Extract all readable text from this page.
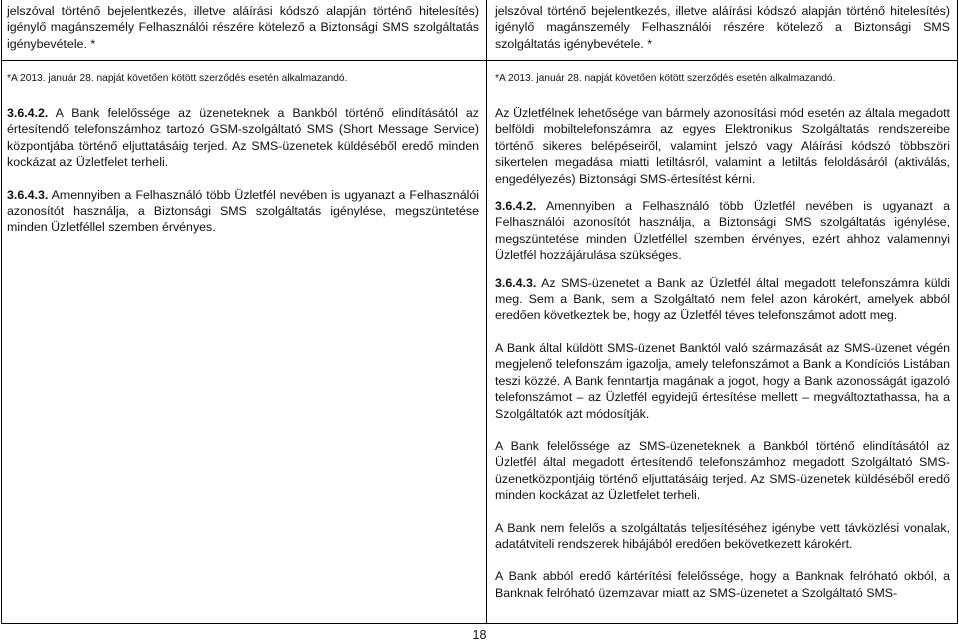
jelszóval történő bejelentkezés, illetve aláírási kódszó alapján történő hitelesítés) igénylő magánszemély Felhasználói részére kötelező a Biztonsági SMS szolgáltatás igénybevétele. *
*A 2013. január 28. napját követően kötött szerződés esetén alkalmazandó.

3.6.4.2. A Bank felelőssége az üzeneteknek a Bankból történő elindításától az értesítendő telefonszámhoz tartozó GSM-szolgáltató SMS (Short Message Service) központjába történő eljuttatásáig terjed. Az SMS-üzenetek küldéséből eredő minden kockázat az Üzletfelet terheli.

3.6.4.3. Amennyiben a Felhasználó több Üzletfél nevében is ugyanazt a Felhasználói azonosítót használja, a Biztonsági SMS szolgáltatás igénylése, megszüntetése minden Üzletféllel szemben érvényes.

jelszóval történő bejelentkezés, illetve aláírási kódszó alapján történő hitelesítés) igénylő magánszemély Felhasználói részére kötelező a Biztonsági SMS szolgáltatás igénybevétele. *
*A 2013. január 28. napját követően kötött szerződés esetén alkalmazandó.

Az Üzletfélnek lehetősége van bármely azonosítási mód esetén az általa megadott belföldi mobiltelefonszámra az egyes Elektronikus Szolgáltatás rendszereibe történő sikeres belépéseiről, valamint jelszó vagy Aláírási kódszó többszöri sikertelen megadása miatti letiltásról, valamint a letiltás feloldásáról (aktiválás, engedélyezés) Biztonsági SMS-értesítést kérni.

3.6.4.2. Amennyiben a Felhasználó több Üzletfél nevében is ugyanazt a Felhasználói azonosítót használja, a Biztonsági SMS szolgáltatás igénylése, megszüntetése minden Üzletféllel szemben érvényes, ezért ahhoz valamennyi Üzletfél hozzájárulása szükséges.

3.6.4.3. Az SMS-üzenetet a Bank az Üzletfél által megadott telefonszámra küldi meg. Sem a Bank, sem a Szolgáltató nem felel azon károkért, amelyek abból eredően következtek be, hogy az Üzletfél téves telefonszámot adott meg.

A Bank által küldött SMS-üzenet Banktól való származását az SMS-üzenet végén megjelenő telefonszám igazolja, amely telefonszámot a Bank a Kondíciós Listában teszi közzé. A Bank fenntartja magának a jogot, hogy a Bank azonosságát igazoló telefonszámot – az Üzletfél egyidejű értesítése mellett – megváltoztathassa, ha a Szolgáltatók azt módosítják.

A Bank felelőssége az SMS-üzeneteknek a Bankból történő elindításától az Üzletfél által megadott értesítendő telefonszámhoz megadott Szolgáltató SMS-üzenetközpontjáig történő eljuttatásáig terjed. Az SMS-üzenetek küldéséből eredő minden kockázat az Üzletfelet terheli.

A Bank nem felelős a szolgáltatás teljesítéséhez igénybe vett távközlési vonalak, adatátviteli rendszerek hibájából eredően bekövetkezett károkért.

A Bank abból eredő kártérítési felelőssége, hogy a Banknak felróható okból, a Banknak felróható üzemzavar miatt az SMS-üzenetet a Szolgáltató SMS-

18
